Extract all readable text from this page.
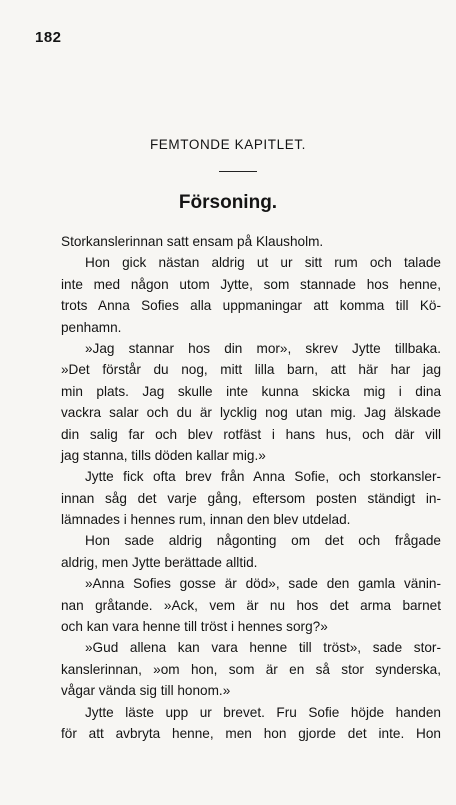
182
FEMTONDE KAPITLET.
Försoning.
Storkanslerinnan satt ensam på Klausholm.
Hon gick nästan aldrig ut ur sitt rum och talade
inte med någon utom Jytte, som stannade hos henne,
trots Anna Sofies alla uppmaningar att komma till Kö-
penhamn.
»Jag stannar hos din mor», skrev Jytte tillbaka.
»Det förstår du nog, mitt lilla barn, att här har jag
min plats. Jag skulle inte kunna skicka mig i dina
vackra salar och du är lycklig nog utan mig. Jag älskade
din salig far och blev rotfäst i hans hus, och där vill
jag stanna, tills döden kallar mig.»
Jytte fick ofta brev från Anna Sofie, och storkansler-
innan såg det varje gång, eftersom posten ständigt in-
lämnades i hennes rum, innan den blev utdelad.
Hon sade aldrig någonting om det och frågade
aldrig, men Jytte berättade alltid.
»Anna Sofies gosse är död», sade den gamla vänin-
nan gråtande. »Ack, vem är nu hos det arma barnet
och kan vara henne till tröst i hennes sorg?»
»Gud allena kan vara henne till tröst», sade stor-
kanslerinnan, »om hon, som är en så stor synderska,
vågar vända sig till honom.»
Jytte läste upp ur brevet. Fru Sofie höjde handen
för att avbryta henne, men hon gjorde det inte. Hon
